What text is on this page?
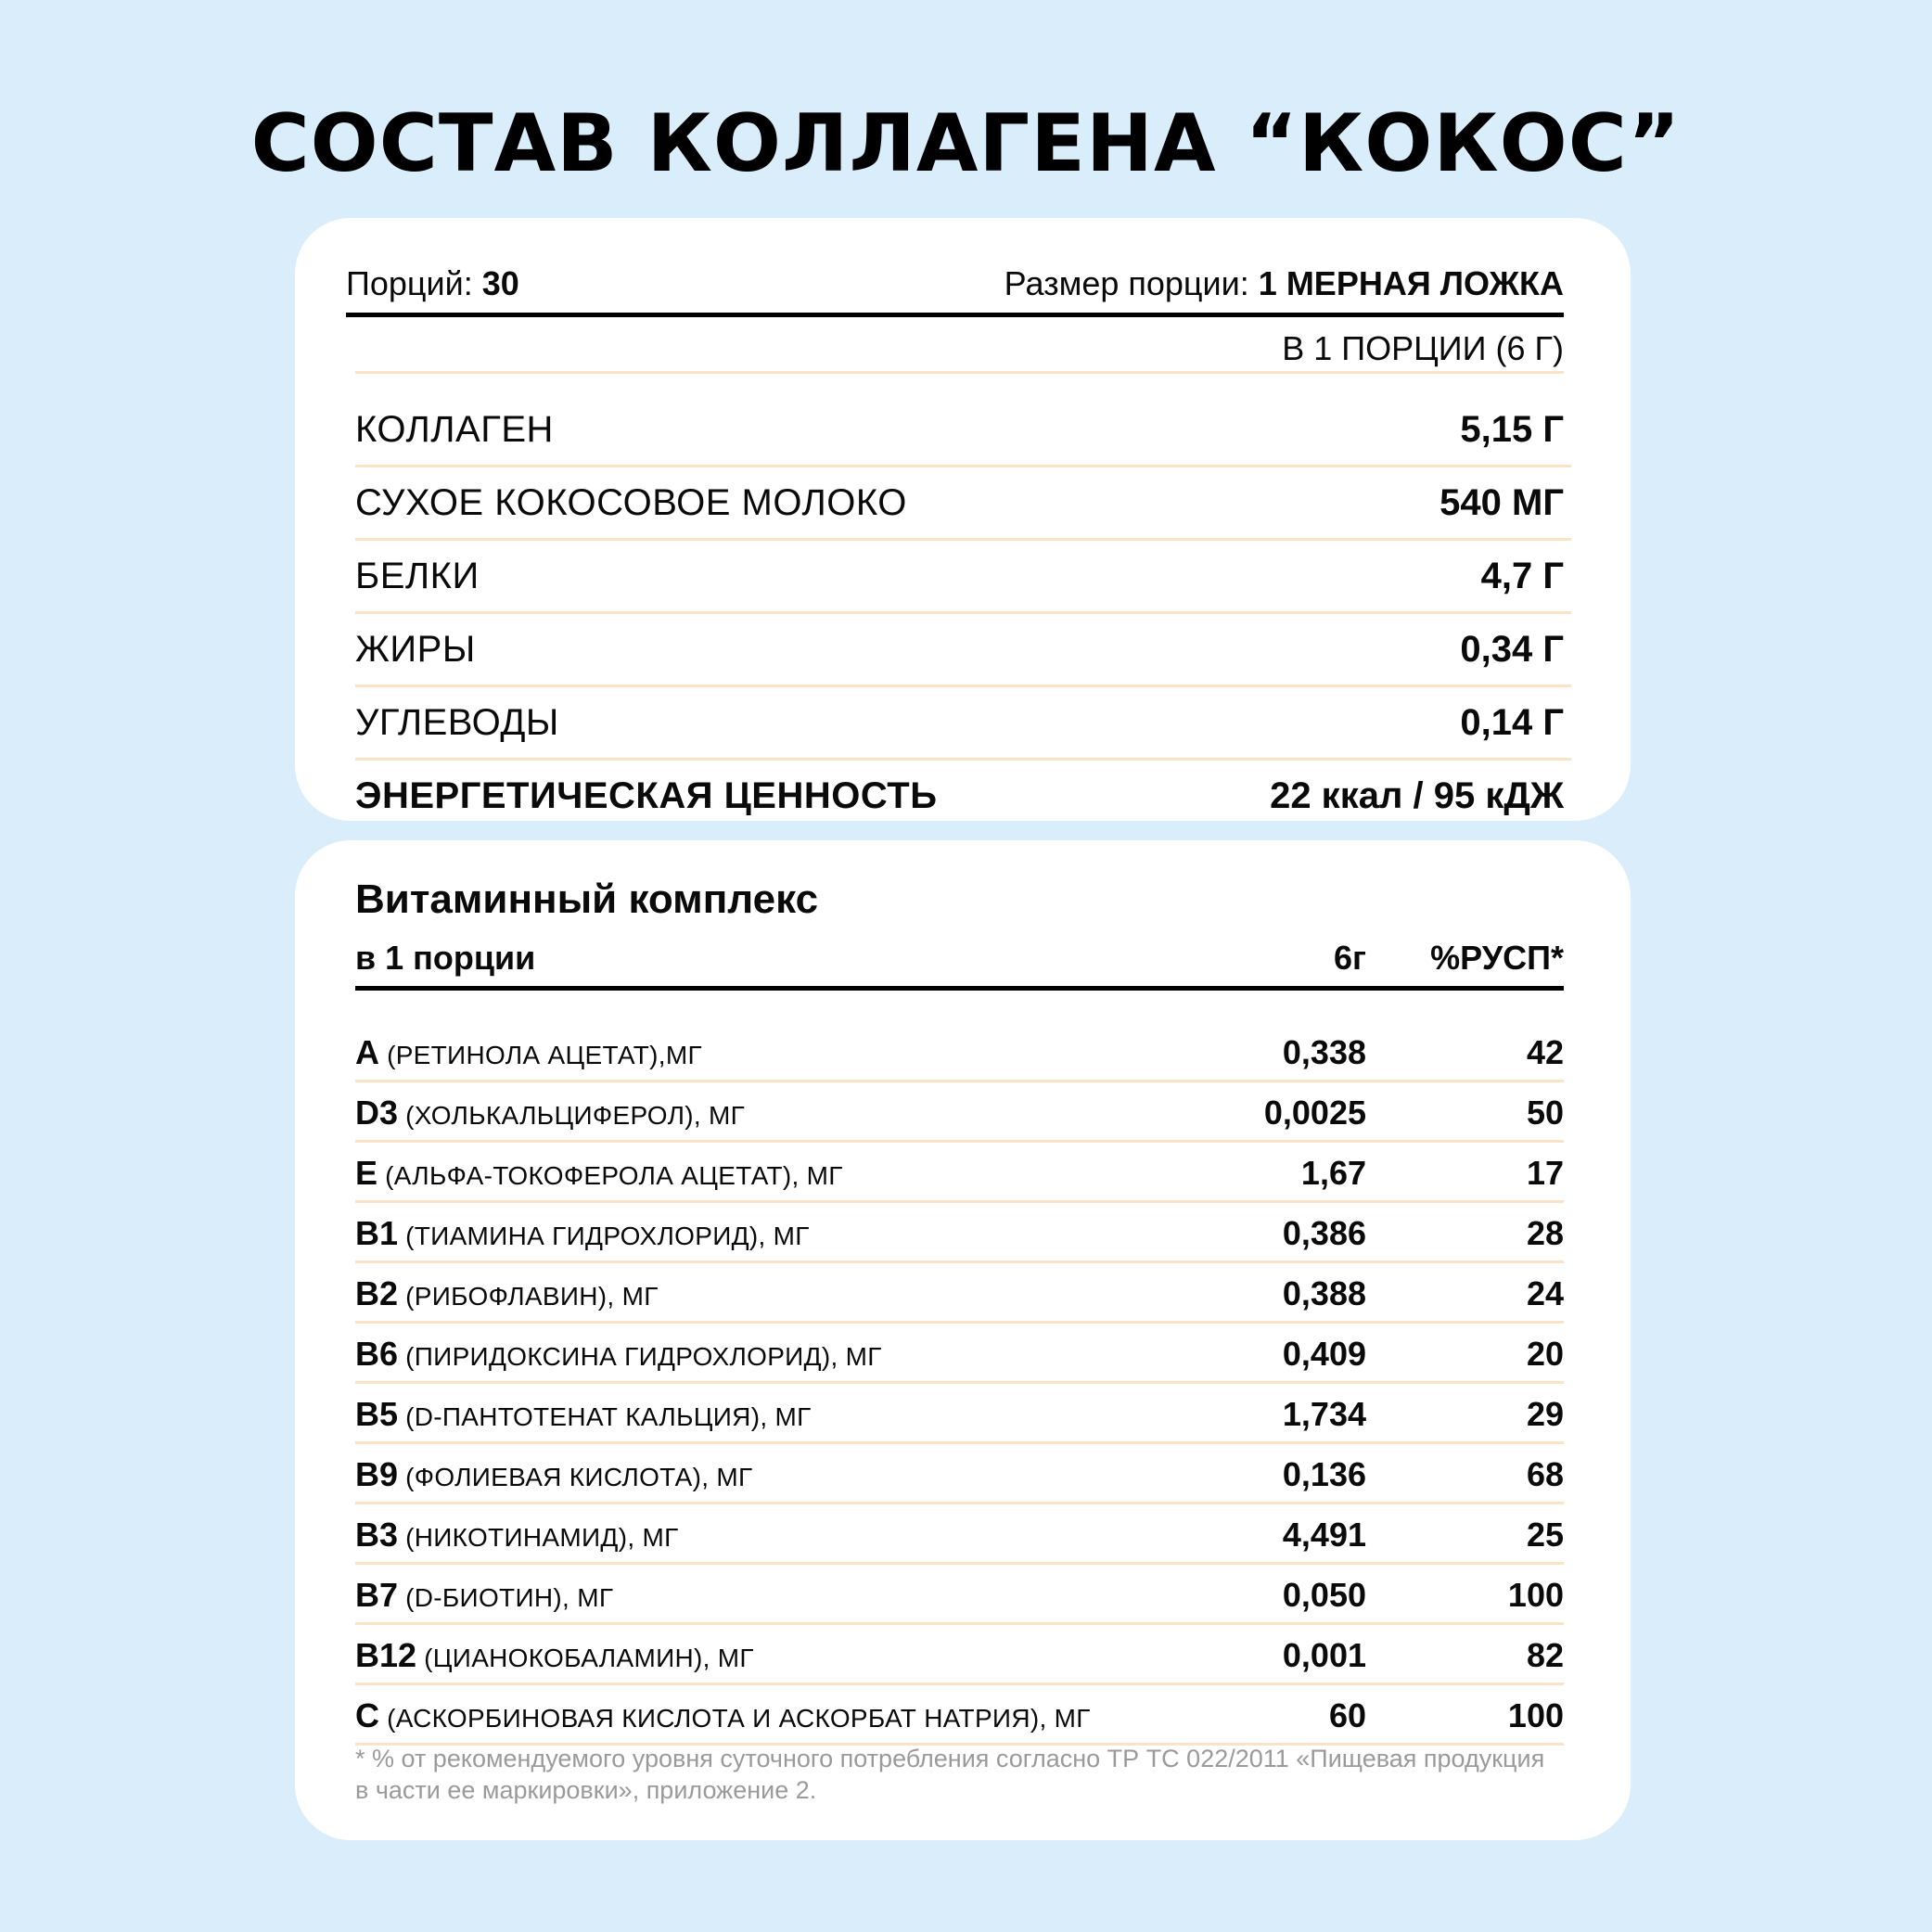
СОСТАВ КОЛЛАГЕНА “КОКОС”
Порций: 30	Размер порции: 1 МЕРНАЯ ЛОЖКА
В 1 ПОРЦИИ (6 Г)
КОЛЛАГЕН	5,15 Г
СУХОЕ КОКОСОВОЕ МОЛОКО	540 МГ
БЕЛКИ	4,7 Г
ЖИРЫ	0,34 Г
УГЛЕВОДЫ	0,14 Г
ЭНЕРГЕТИЧЕСКАЯ ЦЕННОСТЬ	22 ккал / 95 кДЖ
Витаминный комплекс
в 1 порции	6г %РУСП*
A (РЕТИНОЛА АЦЕТАТ),МГ	0,338	42
D3 (ХОЛЬКАЛЬЦИФЕРОЛ), МГ	0,0025	50
E (АЛЬФА-ТОКОФЕРОЛА АЦЕТАТ), МГ	1,67	17
B1 (ТИАМИНА ГИДРОХЛОРИД), МГ	0,386	28
B2 (РИБОФЛАВИН), МГ	0,388	24
B6 (ПИРИДОКСИНА ГИДРОХЛОРИД), МГ	0,409	20
B5 (D-ПАНТОТЕНАТ КАЛЬЦИЯ), МГ	1,734	29
B9 (ФОЛИЕВАЯ КИСЛОТА), МГ	0,136	68
B3 (НИКОТИНАМИД), МГ	4,491	25
B7 (D-БИОТИН), МГ	0,050	100
B12 (ЦИАНОКОБАЛАМИН), МГ	0,001	82
C (АСКОРБИНОВАЯ КИСЛОТА И АСКОРБАТ НАТРИЯ), МГ	60	100
* % от рекомендуемого уровня суточного потребления согласно ТР ТС 022/2011 «Пищевая продукция в части ее маркировки», приложение 2.
